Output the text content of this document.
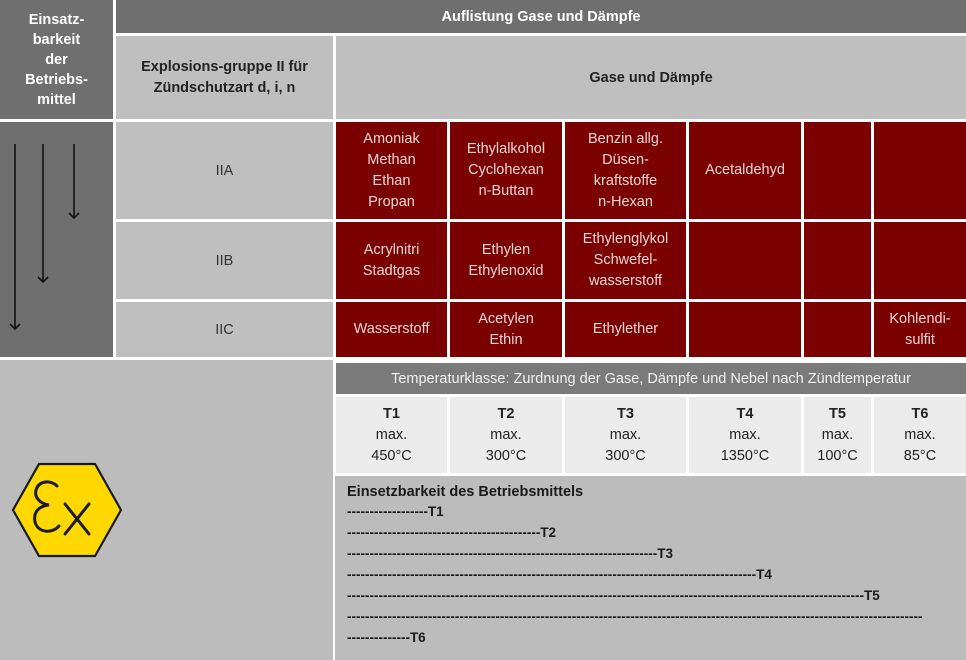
Einsatz-
barkeit
der
Betriebs-
mittel
Auflistung Gase und Dämpfe
Explosions-gruppe II für Zündschutzart d, i, n
Gase und Dämpfe
IIA
IIB
IIC
Amoniak
Methan
Ethan
Propan
Ethylalkohol
Cyclohexan
n-Buttan
Benzin allg.
Düsen-
kraftstoffe
n-Hexan
Acetaldehyd
Acrylnitri
Stadtgas
Ethylen
Ethylenoxid
Ethylenglykol
Schwefel-
wasserstoff
Wasserstoff
Acetylen
Ethin
Ethylether
Kohlendi-
sulfit
Temperaturklasse: Zurdnung der Gase, Dämpfe und Nebel nach Zündtemperatur
T1
max.
450°C
T2
max.
300°C
T3
max.
300°C
T4
max.
1350°C
T5
max.
100°C
T6
max.
85°C
Einsetzbarkeit des Betriebsmittels
------------------T1
-------------------------------------------T2
---------------------------------------------------------------------T3
-------------------------------------------------------------------------------------------T4
-------------------------------------------------------------------------------------------------------------------T5
--------------------------------------------------------------------------------------------------------------------------------
--------------T6
